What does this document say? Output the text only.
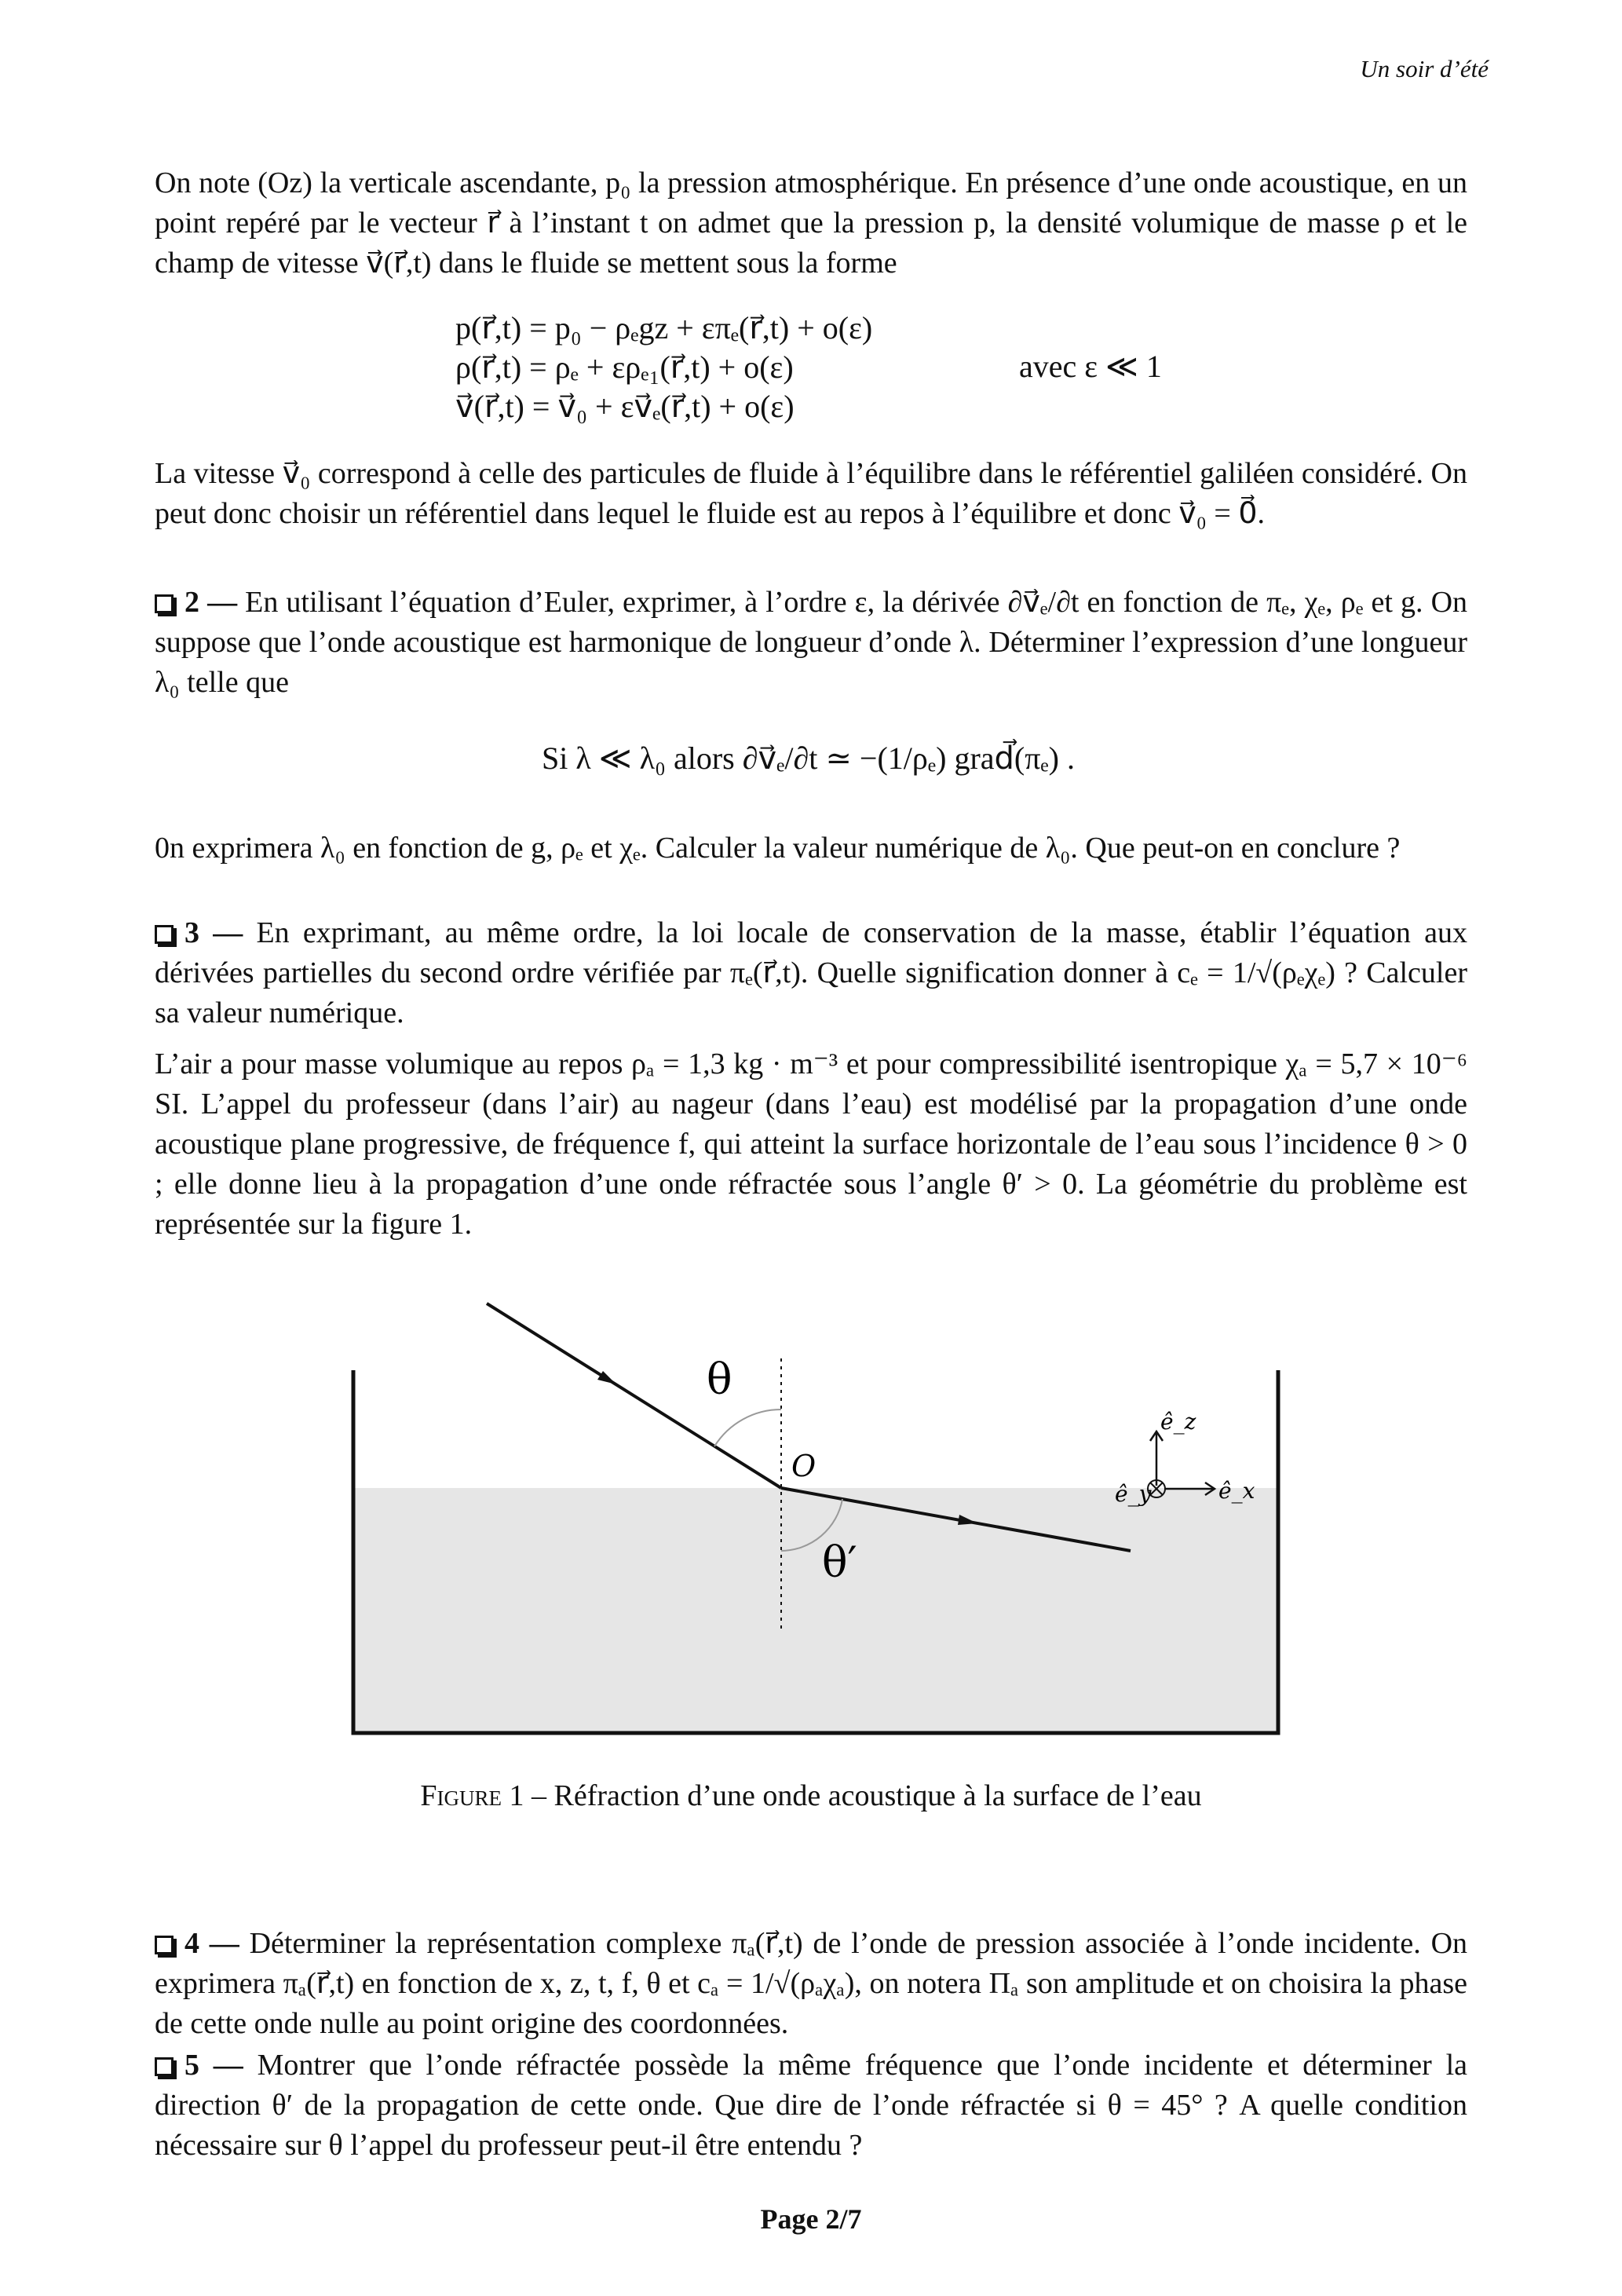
Un soir d’été

On note (Oz) la verticale ascendante, p₀ la pression atmosphérique. En présence d’une onde acoustique, en un point repéré par le vecteur r⃗ à l’instant t on admet que la pression p, la densité volumique de masse ρ et le champ de vitesse v⃗(r⃗,t) dans le fluide se mettent sous la forme

p(r⃗,t) = p₀ − ρₑgz + επₑ(r⃗,t) + o(ε)
ρ(r⃗,t) = ρₑ + ερₑ₁(r⃗,t) + o(ε)
v⃗(r⃗,t) = v⃗₀ + εv⃗ₑ(r⃗,t) + o(ε)
avec ε ≪ 1

La vitesse v⃗₀ correspond à celle des particules de fluide à l’équilibre dans le référentiel galiléen considéré. On peut donc choisir un référentiel dans lequel le fluide est au repos à l’équilibre et donc v⃗₀ = 0⃗.

2 — En utilisant l’équation d’Euler, exprimer, à l’ordre ε, la dérivée ∂v⃗ₑ/∂t en fonction de πₑ, χₑ, ρₑ et g. On suppose que l’onde acoustique est harmonique de longueur d’onde λ. Déterminer l’expression d’une longueur λ₀ telle que
Si λ ≪ λ₀ alors ∂v⃗ₑ/∂t ≃ −(1/ρₑ) grad⃗(πₑ) .

0n exprimera λ₀ en fonction de g, ρₑ et χₑ. Calculer la valeur numérique de λ₀. Que peut-on en conclure ?

3 — En exprimant, au même ordre, la loi locale de conservation de la masse, établir l’équation aux dérivées partielles du second ordre vérifiée par πₑ(r⃗,t). Quelle signification donner à cₑ = 1/√(ρₑχₑ) ? Calculer sa valeur numérique.

L’air a pour masse volumique au repos ρₐ = 1,3 kg · m⁻³ et pour compressibilité isentropique χₐ = 5,7 × 10⁻⁶ SI. L’appel du professeur (dans l’air) au nageur (dans l’eau) est modélisé par la propagation d’une onde acoustique plane progressive, de fréquence f, qui atteint la surface horizontale de l’eau sous l’incidence θ > 0 ; elle donne lieu à la propagation d’une onde réfractée sous l’angle θ′ > 0. La géométrie du problème est représentée sur la figure 1.

θ
θ′
O
ê_z
ê_x
ê_y
Figure 1 – Réfraction d’une onde acoustique à la surface de l’eau
4 — Déterminer la représentation complexe πₐ(r⃗,t) de l’onde de pression associée à l’onde incidente. On exprimera πₐ(r⃗,t) en fonction de x, z, t, f, θ et cₐ = 1/√(ρₐχₐ), on notera Πₐ son amplitude et on choisira la phase de cette onde nulle au point origine des coordonnées.
5 — Montrer que l’onde réfractée possède la même fréquence que l’onde incidente et déterminer la direction θ′ de la propagation de cette onde. Que dire de l’onde réfractée si θ = 45° ? A quelle condition nécessaire sur θ l’appel du professeur peut-il être entendu ?
Page 2/7
